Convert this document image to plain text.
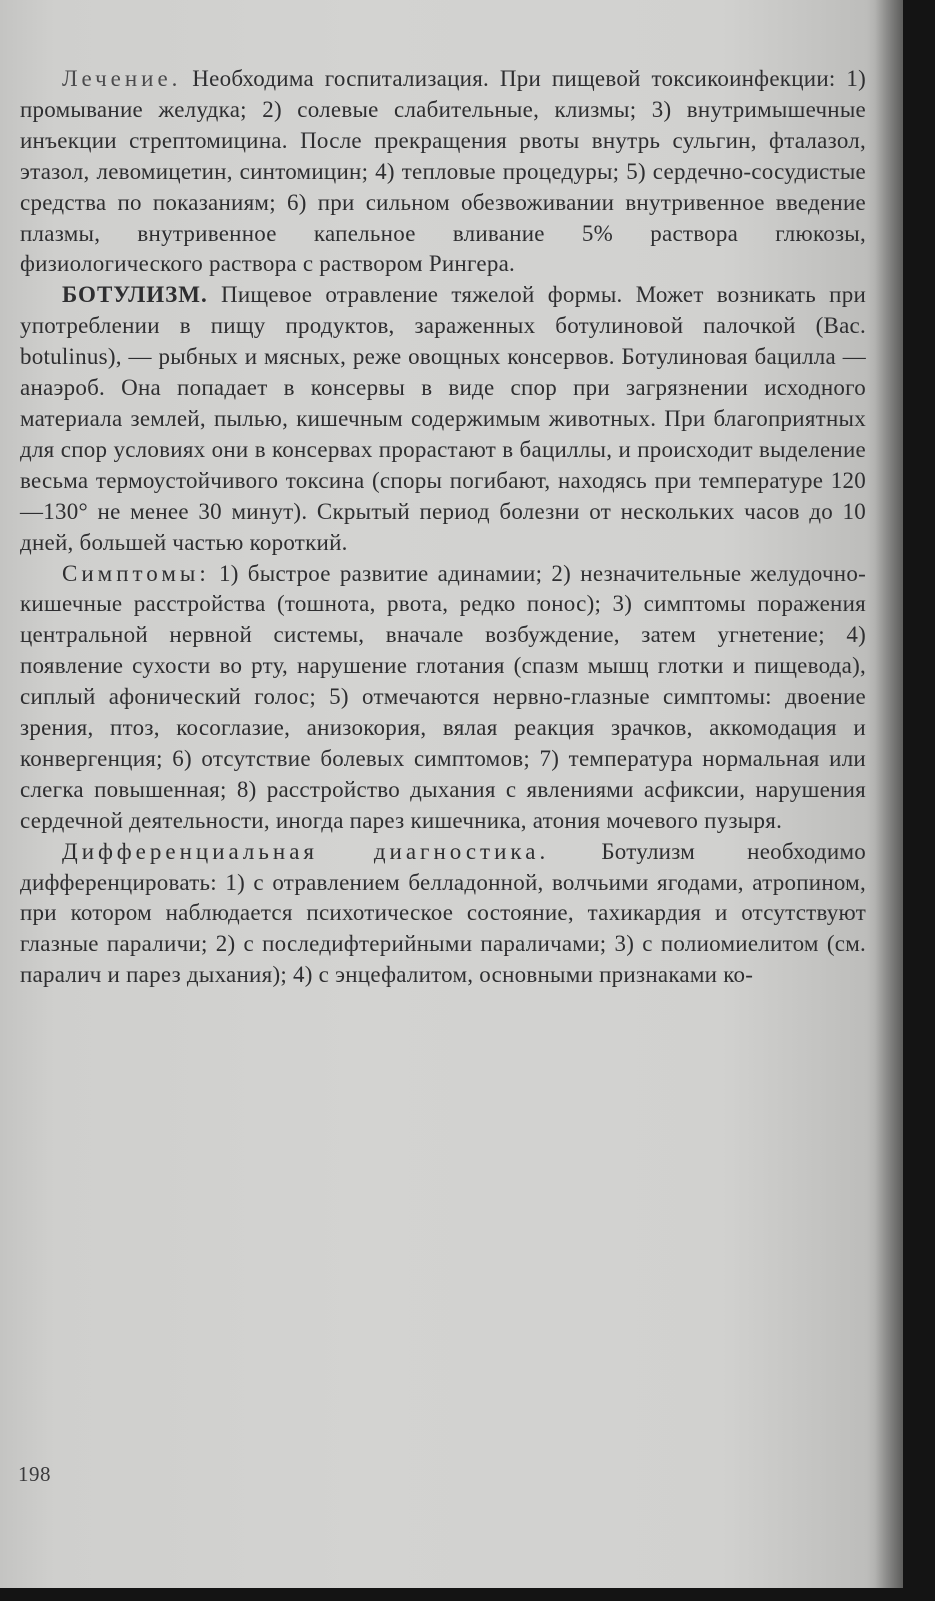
Лечение. Необходима госпитализация. При пищевой токсикоинфекции: 1) промывание желудка; 2) солевые слабительные, клизмы; 3) внутримышечные инъекции стрептомицина. После прекращения рвоты внутрь сульгин, фталазол, этазол, левомицетин, синтомицин; 4) тепловые процедуры; 5) сердечно-сосудистые средства по показаниям; 6) при сильном обезвоживании внутривенное введение плазмы, внутривенное капельное вливание 5% раствора глюкозы, физиологического раствора с раствором Рингера.

БОТУЛИЗМ. Пищевое отравление тяжелой формы. Может возникать при употреблении в пищу продуктов, зараженных ботулиновой палочкой (Bac. botulinus), — рыбных и мясных, реже овощных консервов. Ботулиновая бацилла — анаэроб. Она попадает в консервы в виде спор при загрязнении исходного материала землей, пылью, кишечным содержимым животных. При благоприятных для спор условиях они в консервах прорастают в бациллы, и происходит выделение весьма термоустойчивого токсина (споры погибают, находясь при температуре 120—130° не менее 30 минут). Скрытый период болезни от нескольких часов до 10 дней, большей частью короткий.

Симптомы: 1) быстрое развитие адинамии; 2) незначительные желудочно-кишечные расстройства (тошнота, рвота, редко понос); 3) симптомы поражения центральной нервной системы, вначале возбуждение, затем угнетение; 4) появление сухости во рту, нарушение глотания (спазм мышц глотки и пищевода), сиплый афонический голос; 5) отмечаются нервно-глазные симптомы: двоение зрения, птоз, косоглазие, анизокория, вялая реакция зрачков, аккомодация и конвергенция; 6) отсутствие болевых симптомов; 7) температура нормальная или слегка повышенная; 8) расстройство дыхания с явлениями асфиксии, нарушения сердечной деятельности, иногда парез кишечника, атония мочевого пузыря.

Дифференциальная диагностика. Ботулизм необходимо дифференцировать: 1) с отравлением белладонной, волчьими ягодами, атропином, при котором наблюдается психотическое состояние, тахикардия и отсутствуют глазные параличи; 2) с последифтерийными параличами; 3) с полиомиелитом (см. паралич и парез дыхания); 4) с энцефалитом, основными признаками ко-

198
